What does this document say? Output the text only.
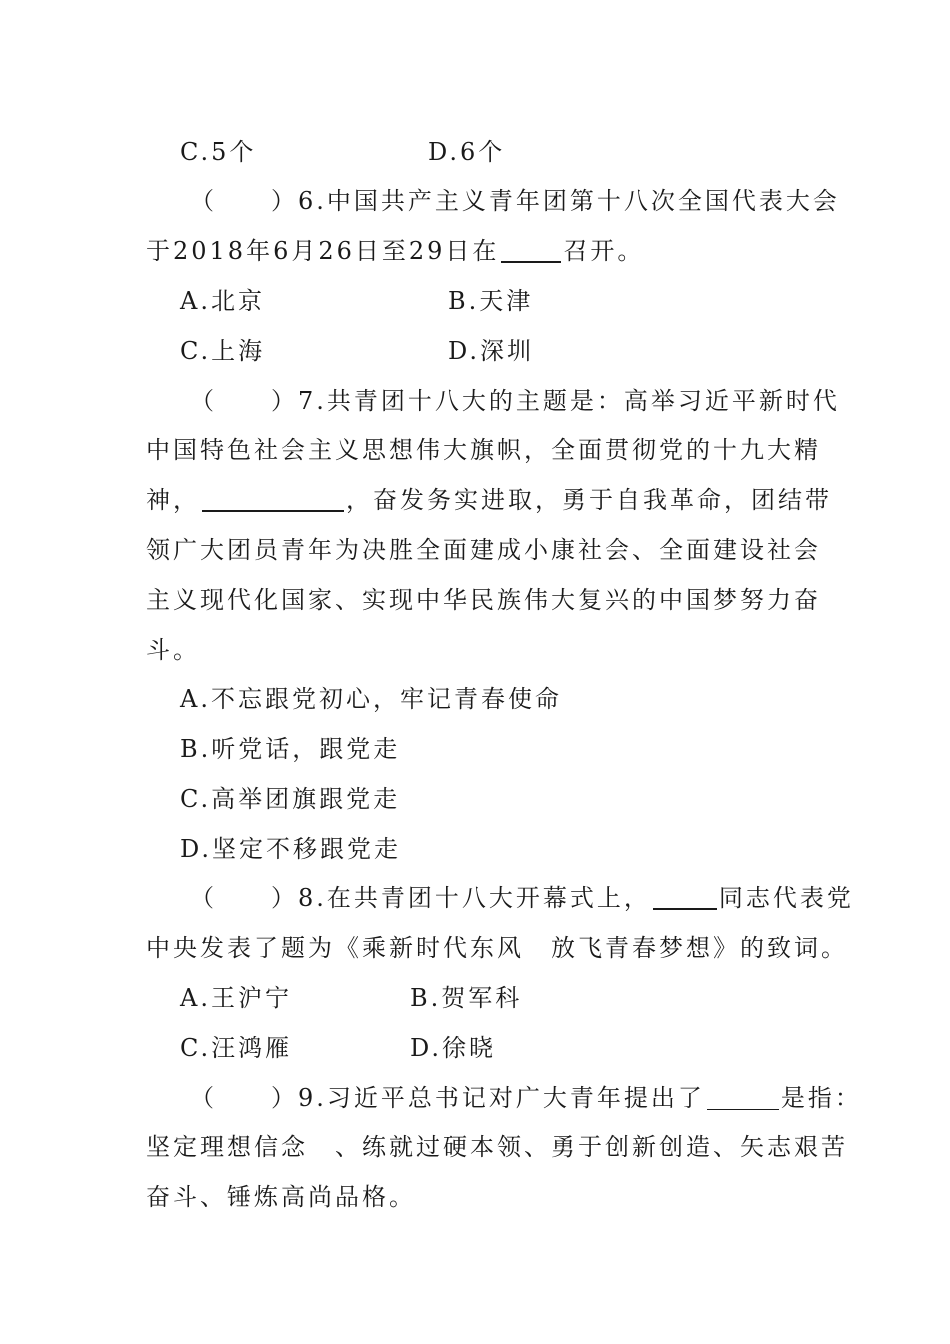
C.5个	D.6个
（　　）6.中国共产主义青年团第十八次全国代表大会
于2018年6月26日至29日在	召开。
A.北京	B.天津
C.上海	D.深圳
（　　）7.共青团十八大的主题是：高举习近平新时代
中国特色社会主义思想伟大旗帜，全面贯彻党的十九大精
神，	，奋发务实进取，勇于自我革命，团结带
领广大团员青年为决胜全面建成小康社会、全面建设社会
主义现代化国家、实现中华民族伟大复兴的中国梦努力奋
斗。
A.不忘跟党初心，牢记青春使命
B.听党话，跟党走
C.高举团旗跟党走
D.坚定不移跟党走
（　　）8.在共青团十八大开幕式上，	同志代表党
中央发表了题为《乘新时代东风　放飞青春梦想》的致词。
A.王沪宁	B.贺军科
C.汪鸿雁	D.徐晓
（　　）9.习近平总书记对广大青年提出了	是指：
坚定理想信念　、练就过硬本领、勇于创新创造、矢志艰苦
奋斗、锤炼高尚品格。
